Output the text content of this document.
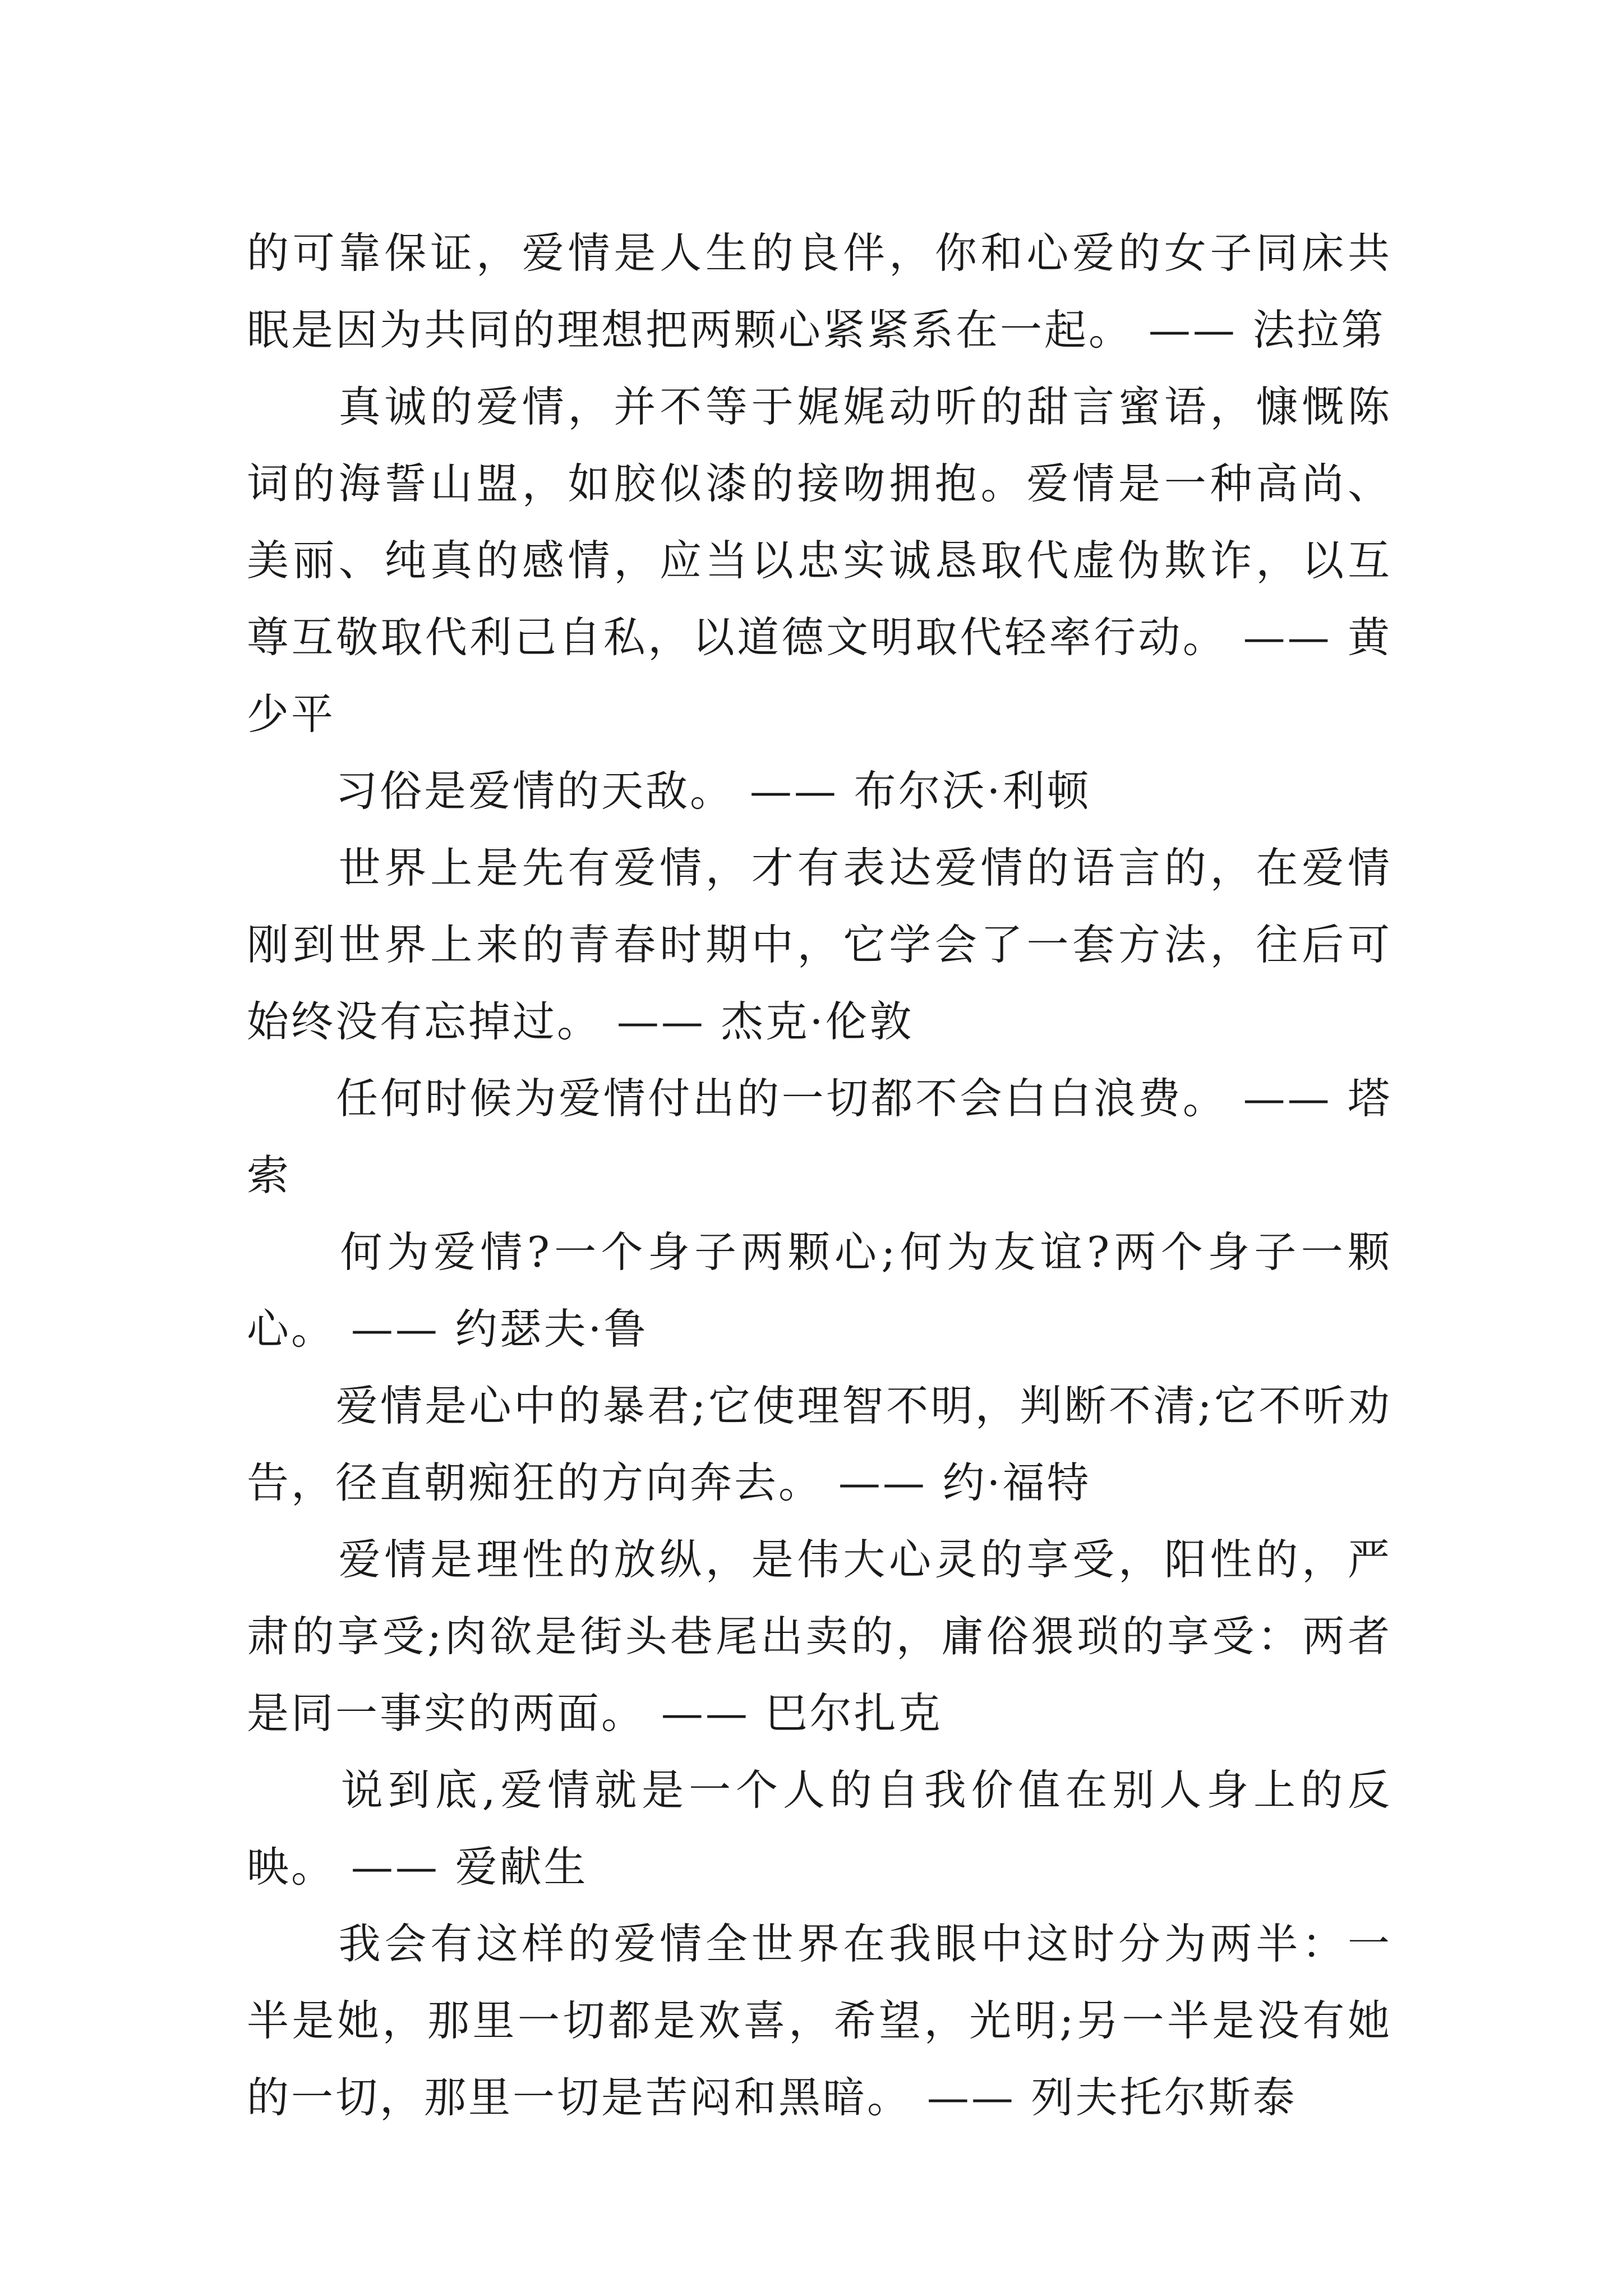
的可靠保证，爱情是人生的良伴，你和心爱的女子同床共眠是因为共同的理想把两颗心紧紧系在一起。 —— 法拉第

　　真诚的爱情，并不等于娓娓动听的甜言蜜语，慷慨陈词的海誓山盟，如胶似漆的接吻拥抱。爱情是一种高尚、美丽、纯真的感情，应当以忠实诚恳取代虚伪欺诈，以互尊互敬取代利己自私，以道德文明取代轻率行动。 —— 黄少平

　　习俗是爱情的天敌。 —— 布尔沃·利顿

　　世界上是先有爱情，才有表达爱情的语言的，在爱情刚到世界上来的青春时期中，它学会了一套方法，往后可始终没有忘掉过。 —— 杰克·伦敦

　　任何时候为爱情付出的一切都不会白白浪费。 —— 塔索

　　何为爱情?一个身子两颗心;何为友谊?两个身子一颗心。 —— 约瑟夫·鲁

　　爱情是心中的暴君;它使理智不明，判断不清;它不听劝告，径直朝痴狂的方向奔去。 —— 约·福特

　　爱情是理性的放纵，是伟大心灵的享受，阳性的，严肃的享受;肉欲是街头巷尾出卖的，庸俗猥琐的享受：两者是同一事实的两面。 —— 巴尔扎克

　　说到底,爱情就是一个人的自我价值在别人身上的反映。 —— 爱献生

　　我会有这样的爱情全世界在我眼中这时分为两半：一半是她，那里一切都是欢喜，希望，光明;另一半是没有她的一切，那里一切是苦闷和黑暗。 —— 列夫托尔斯泰
